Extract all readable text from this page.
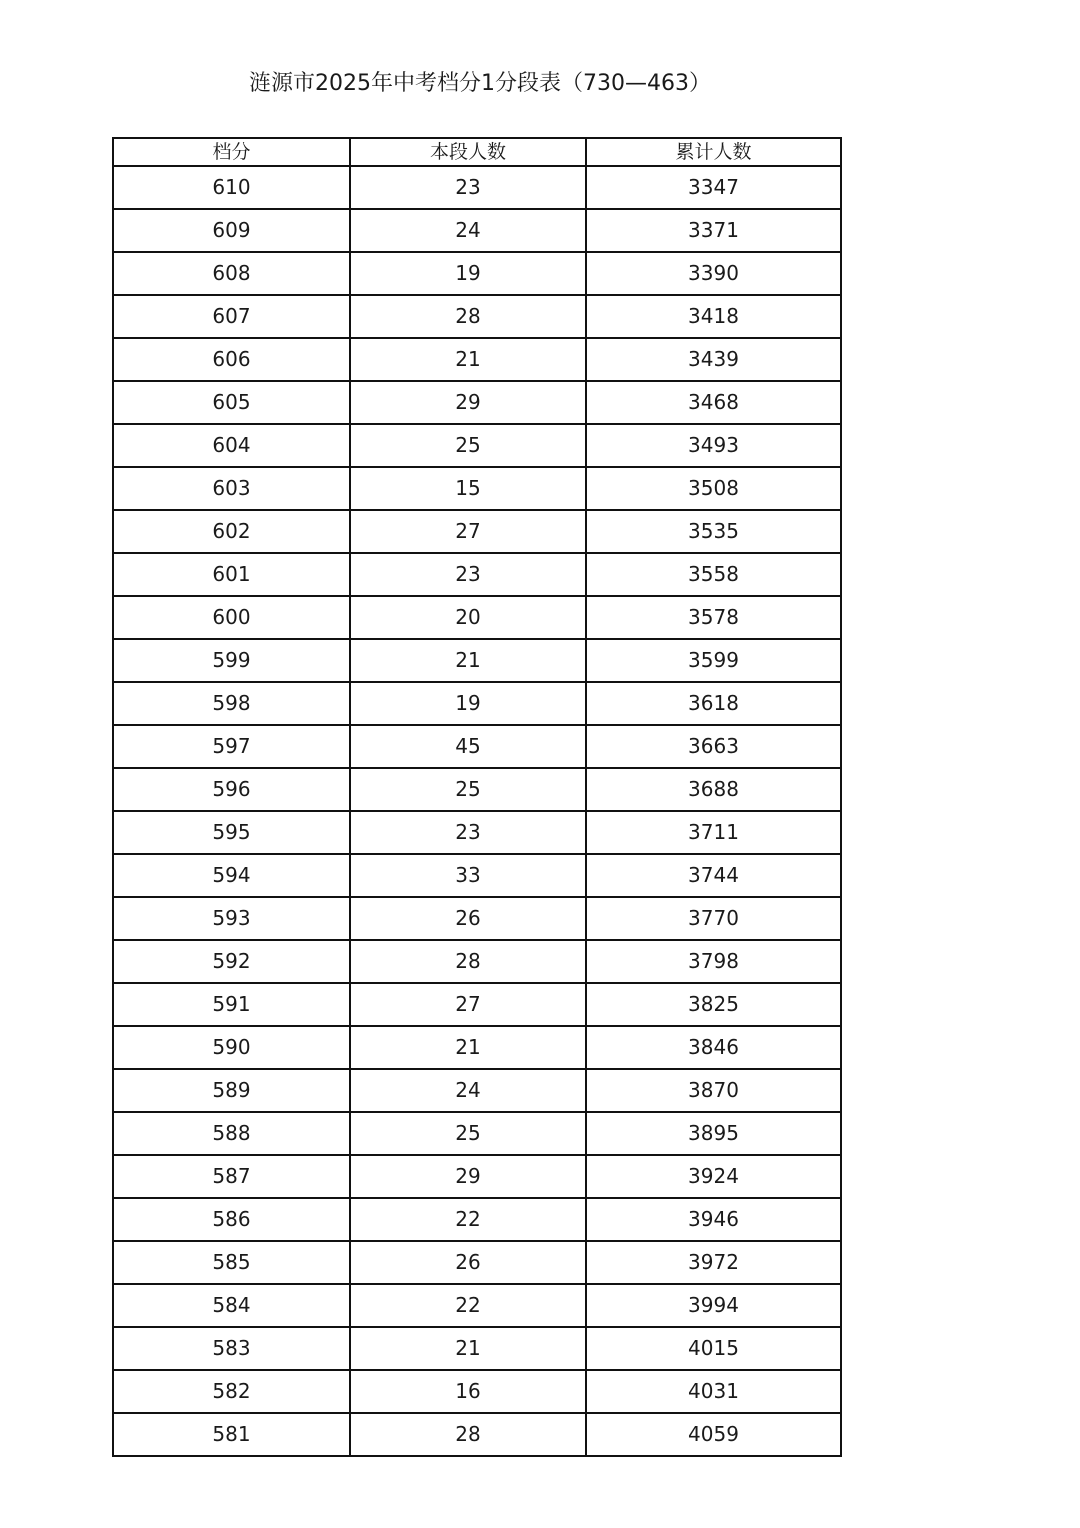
涟源市2025年中考档分1分段表（730—463）
档分	本段人数	累计人数
610	23	3347
609	24	3371
608	19	3390
607	28	3418
606	21	3439
605	29	3468
604	25	3493
603	15	3508
602	27	3535
601	23	3558
600	20	3578
599	21	3599
598	19	3618
597	45	3663
596	25	3688
595	23	3711
594	33	3744
593	26	3770
592	28	3798
591	27	3825
590	21	3846
589	24	3870
588	25	3895
587	29	3924
586	22	3946
585	26	3972
584	22	3994
583	21	4015
582	16	4031
581	28	4059
